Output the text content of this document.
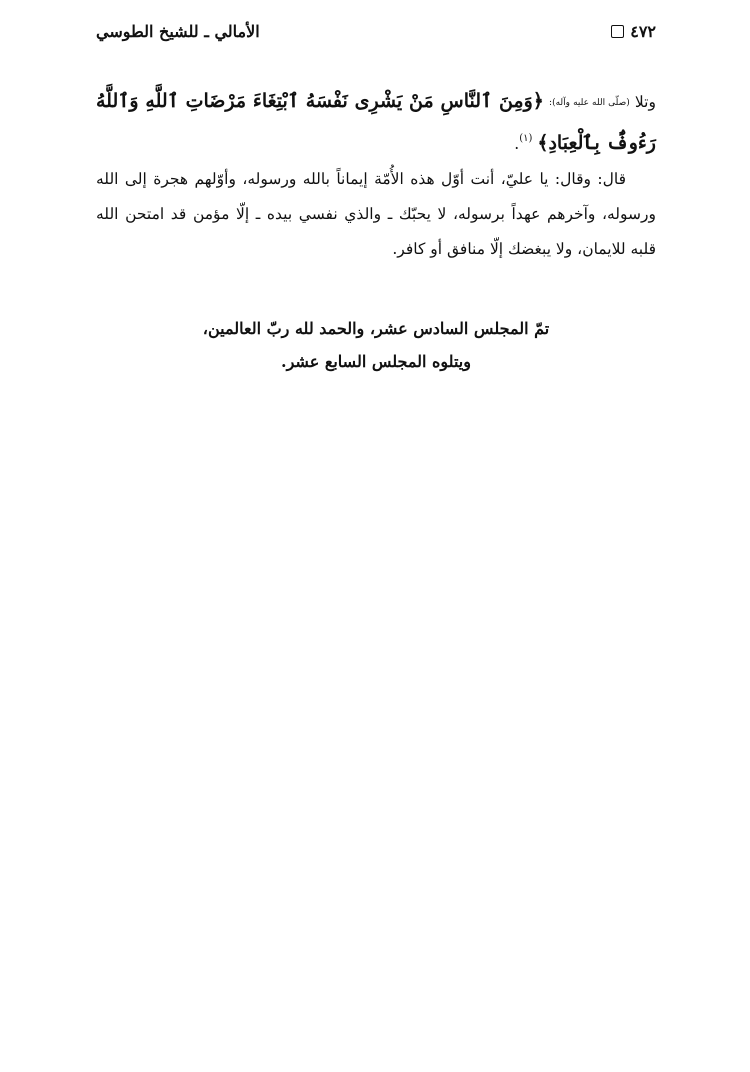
٤٧٢
الأمالي ـ للشيخ الطوسي

وتلا (صلّى الله عليه وآله): ﴿وَمِنَ ٱلنَّاسِ مَنْ يَشْرِى نَفْسَهُ ٱبْتِغَاءَ مَرْضَاتِ ٱللَّهِ وَٱللَّهُ رَءُوفٌۢ بِٱلْعِبَادِ﴾ $^{(١)}$.

قال: وقال: يا عليّ، أنت أوّل هذه الأُمّة إيماناً بالله ورسوله، وأوّلهم هجرة إلى الله ورسوله، وآخرهم عهداً برسوله، لا يحبّك ـ والذي نفسي بيده ـ إلّا مؤمن قد امتحن الله قلبه للايمان، ولا يبغضك إلّا منافق أو كافر.

تمّ المجلس السادس عشر، والحمد لله ربّ العالمين،

ويتلوه المجلس السابع عشر.
